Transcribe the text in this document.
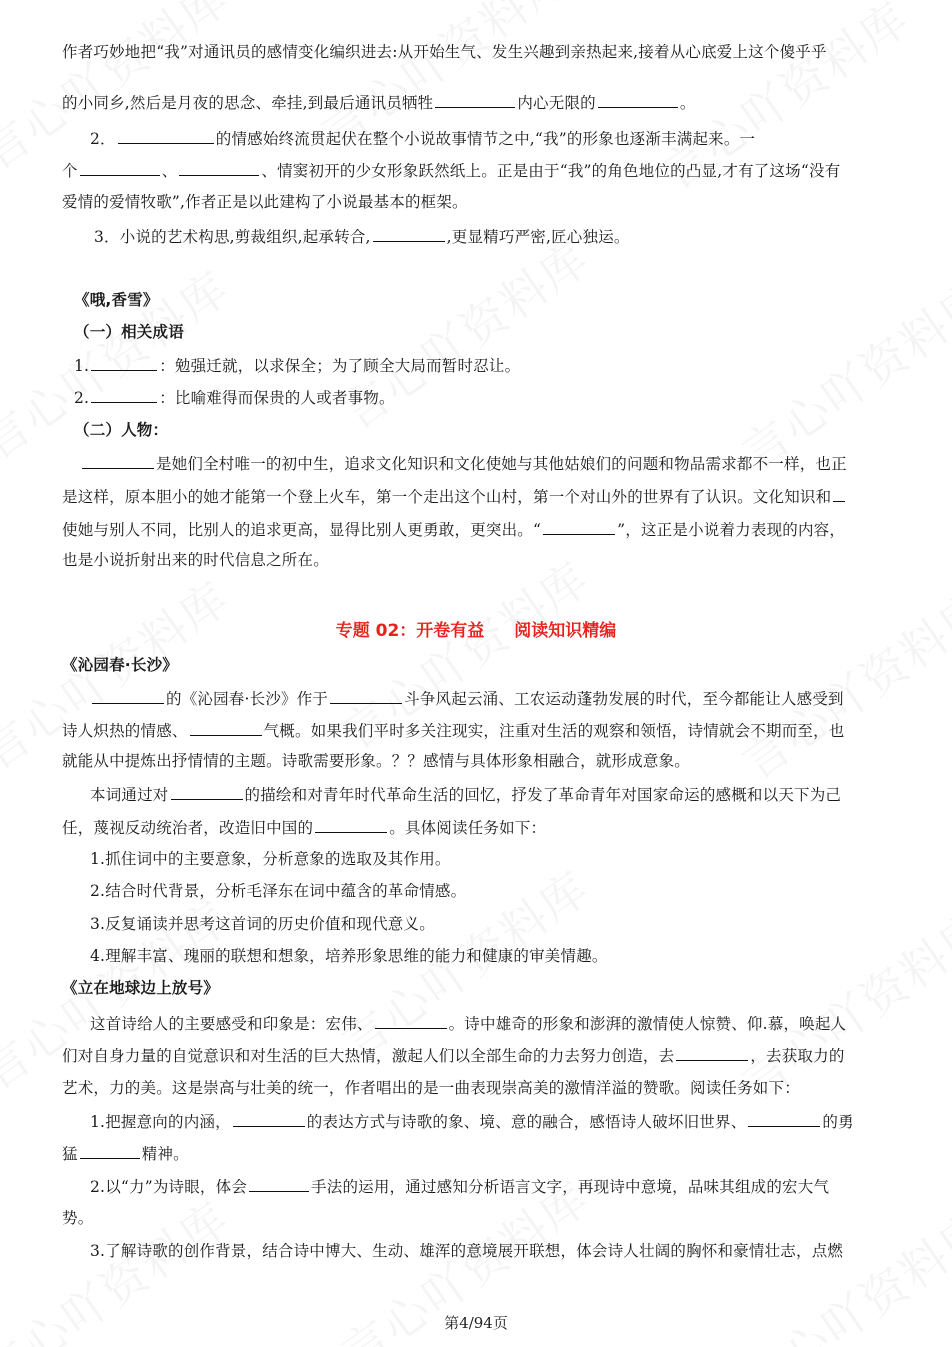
作者巧妙地把“我”对通讯员的感情变化编织进去:从开始生气、发生兴趣到亲热起来,接着从心底爱上这个傻乎乎
的小同乡,然后是月夜的思念、牵挂,到最后通讯员牺牲	内心无限的	。
2．	的情感始终流贯起伏在整个小说故事情节之中,“我”的形象也逐渐丰满起来。一
个	、	、情窦初开的少女形象跃然纸上。正是由于“我”的角色地位的凸显,才有了这场“没有
爱情的爱情牧歌”,作者正是以此建构了小说最基本的框架。
3．小说的艺术构思,剪裁组织,起承转合,	,更显精巧严密,匠心独运。
《哦,香雪》
（一）相关成语
1.	：勉强迁就，以求保全；为了顾全大局而暂时忍让。
2.	：比喻难得而保贵的人或者事物。
（二）人物：
是她们全村唯一的初中生，追求文化知识和文化使她与其他姑娘们的问题和物品需求都不一样，也正
是这样，原本胆小的她才能第一个登上火车，第一个走出这个山村，第一个对山外的世界有了认识。文化知识和
使她与别人不同，比别人的追求更高，显得比别人更勇敢，更突出。“	”，这正是小说着力表现的内容，
也是小说折射出来的时代信息之所在。
专题 02：开卷有益 阅读知识精编
《沁园春·长沙》
的《沁园春·长沙》作于	斗争风起云涌、工农运动蓬勃发展的时代，至今都能让人感受到
诗人炽热的情感、	气概。如果我们平时多关注现实，注重对生活的观察和领悟，诗情就会不期而至，也
就能从中提炼出抒情情的主题。诗歌需要形象。？？感情与具体形象相融合，就形成意象。
本词通过对	的描绘和对青年时代革命生活的回忆，抒发了革命青年对国家命运的感概和以天下为己
任，蔑视反动统治者，改造旧中国的	。具体阅读任务如下：
1.抓住词中的主要意象，分析意象的选取及其作用。
2.结合时代背景，分析毛泽东在词中蕴含的革命情感。
3.反复诵读并思考这首词的历史价值和现代意义。
4.理解丰富、瑰丽的联想和想象，培养形象思维的能力和健康的审美情趣。
《立在地球边上放号》
这首诗给人的主要感受和印象是：宏伟、	。诗中雄奇的形象和澎湃的激情使人惊赞、仰.慕，唤起人
们对自身力量的自觉意识和对生活的巨大热情，激起人们以全部生命的力去努力创造，去	，去获取力的
艺术，力的美。这是崇高与壮美的统一，作者唱出的是一曲表现崇高美的激情洋溢的赞歌。阅读任务如下：
1.把握意向的内涵，	的表达方式与诗歌的象、境、意的融合，感悟诗人破坏旧世界、	的勇
猛	精神。
2.以“力”为诗眼，体会	手法的运用，通过感知分析语言文字，再现诗中意境，品味其组成的宏大气
势。
3.了解诗歌的创作背景，结合诗中博大、生动、雄浑的意境展开联想，体会诗人壮阔的胸怀和豪情壮志，点燃
第4/94页
